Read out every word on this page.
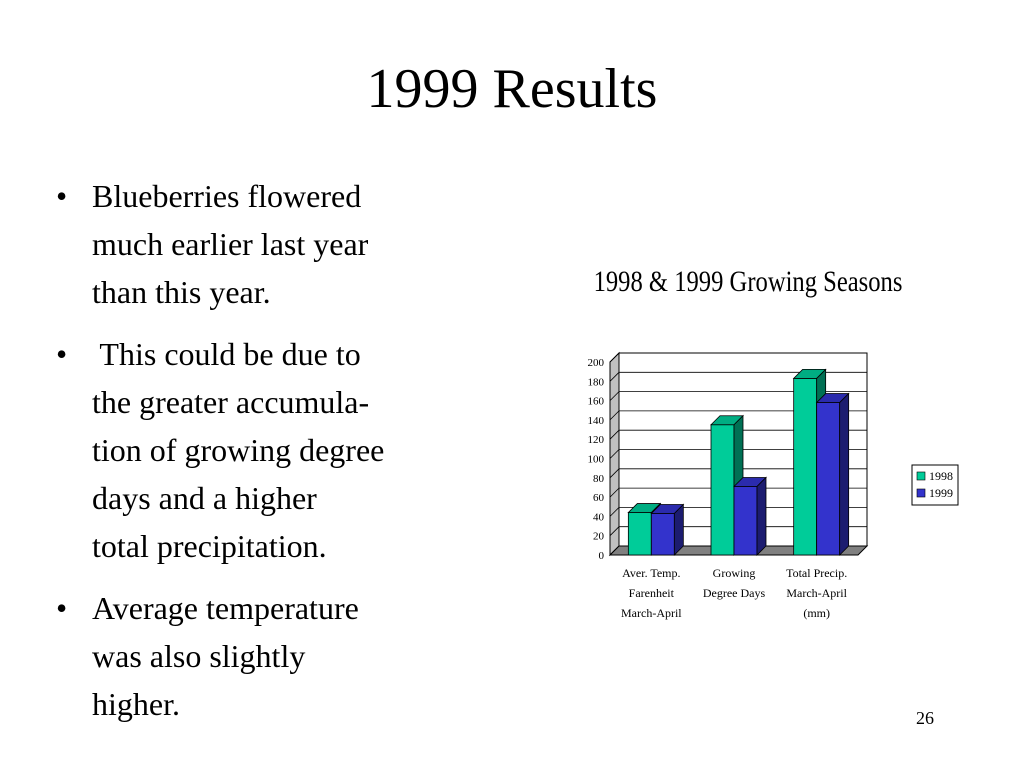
1999 Results
• Blueberries flowered
much earlier last year
than this year.
• This could be due to
the greater accumula-
tion of growing degree
days and a higher
total precipitation.
• Average temperature
was also slightly
higher.
1998 & 1999 Growing Seasons
0
20
40
60
80
100
120
140
160
180
200
Aver. Temp.
Farenheit
March-April
Growing
Degree Days
Total Precip.
March-April
(mm)
1998
1999
26
